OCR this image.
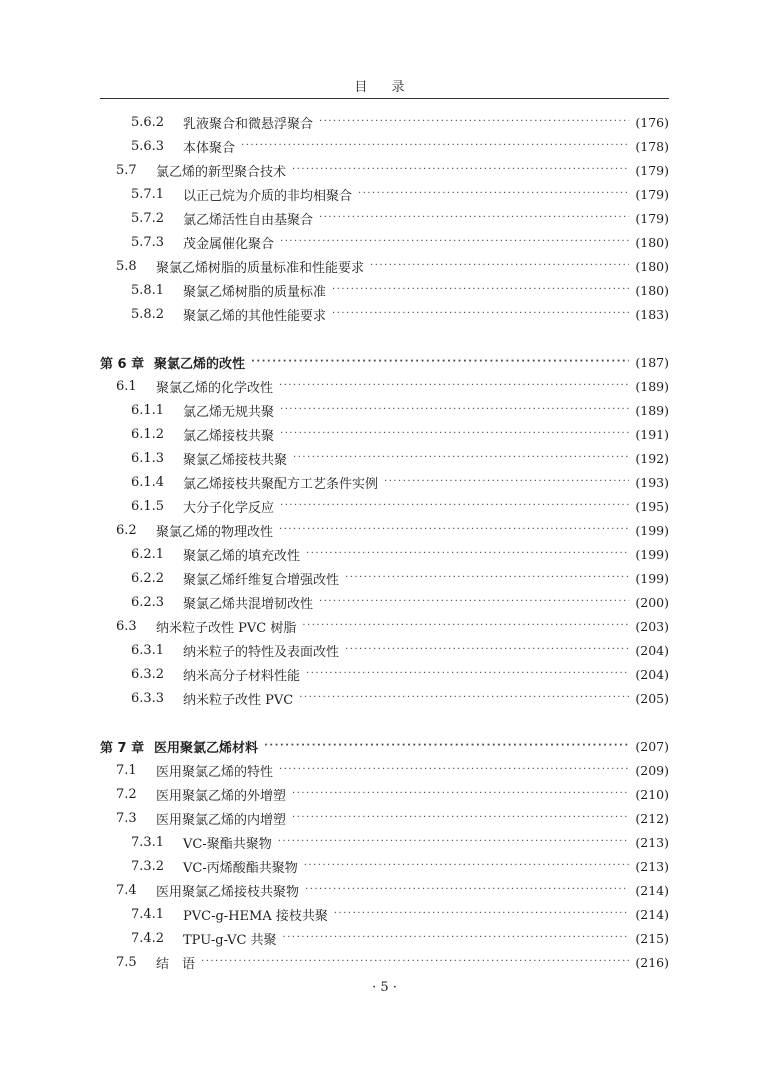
目 录
5.6.2	乳液聚合和微悬浮聚合 ·····	(176)
5.6.3	本体聚合 ·····	(178)
5.7	氯乙烯的新型聚合技术 ·····	(179)
5.7.1	以正己烷为介质的非均相聚合 ·····	(179)
5.7.2	氯乙烯活性自由基聚合 ·····	(179)
5.7.3	茂金属催化聚合 ·····	(180)
5.8	聚氯乙烯树脂的质量标准和性能要求 ·····	(180)
5.8.1	聚氯乙烯树脂的质量标准 ·····	(180)
5.8.2	聚氯乙烯的其他性能要求 ·····	(183)
第 6 章 聚氯乙烯的改性 ·····	(187)
6.1	聚氯乙烯的化学改性 ·····	(189)
6.1.1	氯乙烯无规共聚 ·····	(189)
6.1.2	氯乙烯接枝共聚 ·····	(191)
6.1.3	聚氯乙烯接枝共聚 ·····	(192)
6.1.4	氯乙烯接枝共聚配方工艺条件实例 ·····	(193)
6.1.5	大分子化学反应 ·····	(195)
6.2	聚氯乙烯的物理改性 ·····	(199)
6.2.1	聚氯乙烯的填充改性 ·····	(199)
6.2.2	聚氯乙烯纤维复合增强改性 ·····	(199)
6.2.3	聚氯乙烯共混增韧改性 ·····	(200)
6.3	纳米粒子改性 PVC 树脂 ·····	(203)
6.3.1	纳米粒子的特性及表面改性 ·····	(204)
6.3.2	纳米高分子材料性能 ·····	(204)
6.3.3	纳米粒子改性 PVC ·····	(205)
第 7 章 医用聚氯乙烯材料 ·····	(207)
7.1	医用聚氯乙烯的特性 ·····	(209)
7.2	医用聚氯乙烯的外增塑 ·····	(210)
7.3	医用聚氯乙烯的内增塑 ·····	(212)
7.3.1	VC-聚酯共聚物 ·····	(213)
7.3.2	VC-丙烯酸酯共聚物 ·····	(213)
7.4	医用聚氯乙烯接枝共聚物 ·····	(214)
7.4.1	PVC-g-HEMA 接枝共聚 ·····	(214)
7.4.2	TPU-g-VC 共聚 ·····	(215)
7.5	结　语 ·····	(216)
· 5 ·
